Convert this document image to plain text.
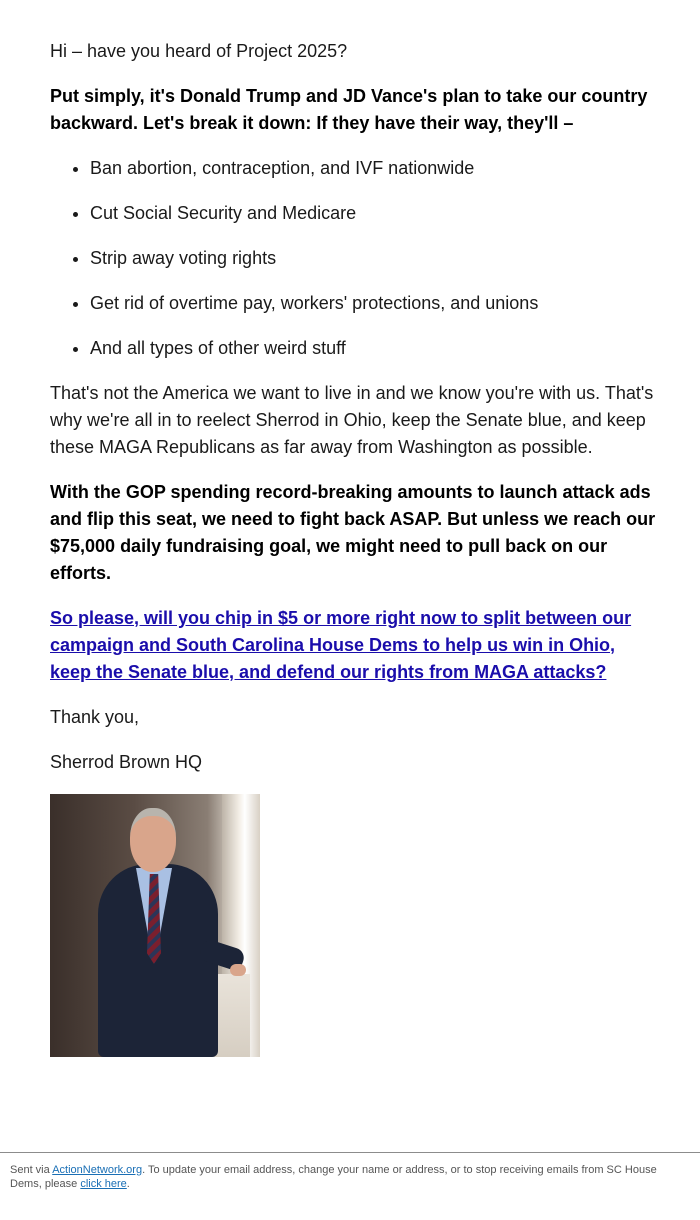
Hi – have you heard of Project 2025?

Put simply, it's Donald Trump and JD Vance's plan to take our country backward. Let's break it down: If they have their way, they'll –

• Ban abortion, contraception, and IVF nationwide
• Cut Social Security and Medicare
• Strip away voting rights
• Get rid of overtime pay, workers' protections, and unions
• And all types of other weird stuff

That's not the America we want to live in and we know you're with us. That's why we're all in to reelect Sherrod in Ohio, keep the Senate blue, and keep these MAGA Republicans as far away from Washington as possible.

With the GOP spending record-breaking amounts to launch attack ads and flip this seat, we need to fight back ASAP. But unless we reach our $75,000 daily fundraising goal, we might need to pull back on our efforts.

So please, will you chip in $5 or more right now to split between our campaign and South Carolina House Dems to help us win in Ohio, keep the Senate blue, and defend our rights from MAGA attacks?

Thank you,

Sherrod Brown HQ

Sent via ActionNetwork.org. To update your email address, change your name or address, or to stop receiving emails from SC House Dems, please click here.
